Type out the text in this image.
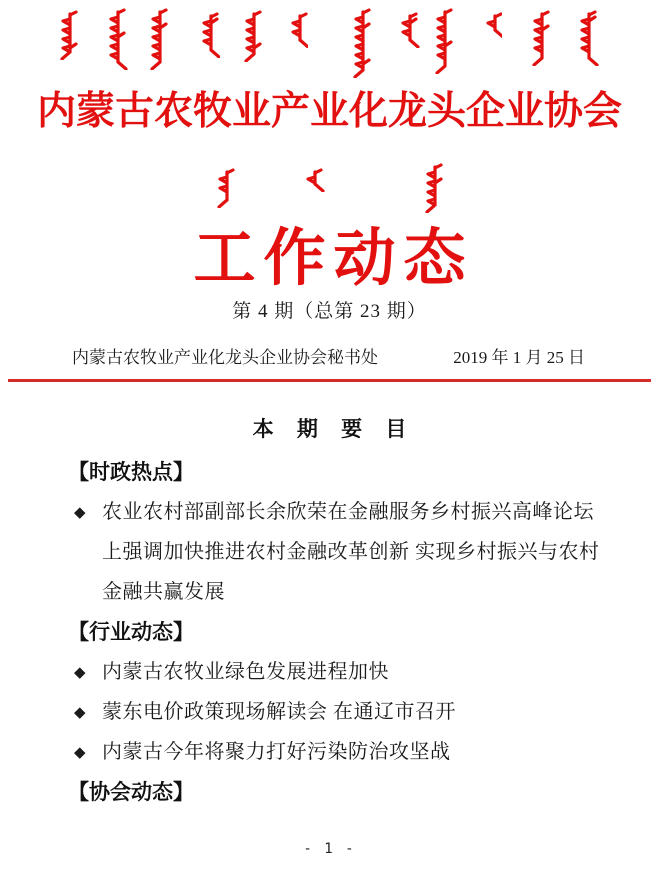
内蒙古农牧业产业化龙头企业协会
工作动态
第 4 期（总第 23 期）
内蒙古农牧业产业化龙头企业协会秘书处	2019 年 1 月 25 日
本 期 要 目
【时政热点】
◆ 农业农村部副部长余欣荣在金融服务乡村振兴高峰论坛
上强调加快推进农村金融改革创新 实现乡村振兴与农村
金融共赢发展
【行业动态】
◆ 内蒙古农牧业绿色发展进程加快
◆ 蒙东电价政策现场解读会 在通辽市召开
◆ 内蒙古今年将聚力打好污染防治攻坚战
【协会动态】
- 1 -
